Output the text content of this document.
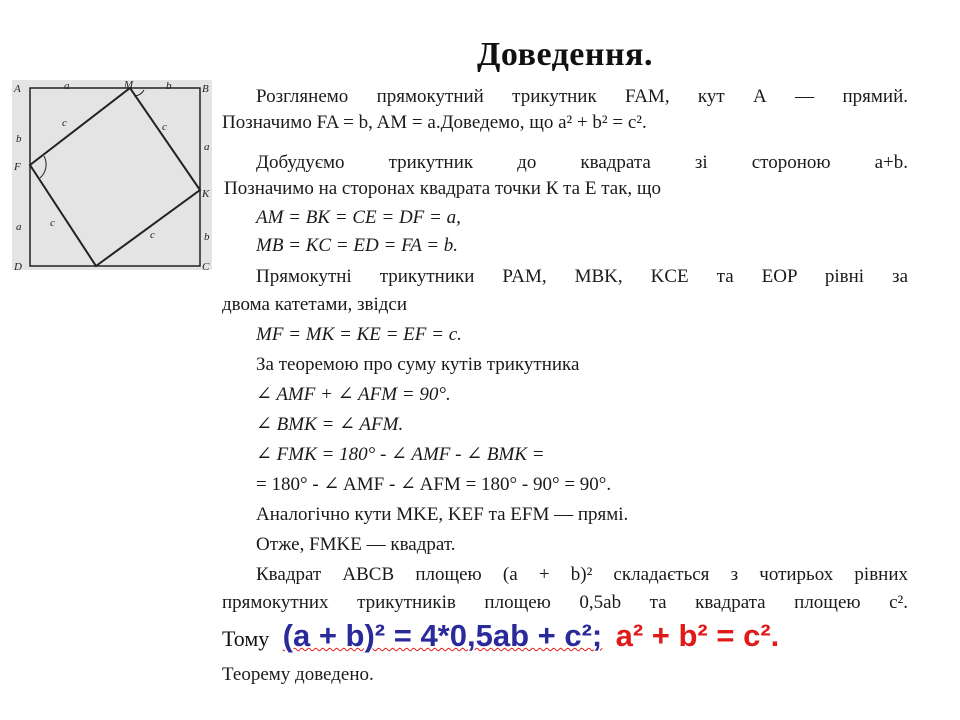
Доведення.
A	M	B
F
K
D	C
a	b
b
a
a
b
c	c
c
c
Розглянемо прямокутний трикутник FAM, кут А — прямий.
Позначимо FA = b, AM = a.Доведемо, що a² + b² = c².
Добудуємо трикутник до квадрата зі стороною a+b.
Позначимо на сторонах квадрата точки К та Е так, що
AM = BK = CE = DF = a,
MB = KC = ED = FA = b.
Прямокутні трикутники PAM, MBK, KCE та EOP рівні за
двома катетами, звідси
MF = MK = KE = EF = c.
За теоремою про суму кутів трикутника
∠ AMF + ∠ AFM = 90°.
∠ BMK = ∠ AFM.
∠ FMK = 180° - ∠ AMF - ∠ BMK =
= 180° - ∠ AMF - ∠ AFM = 180° - 90° = 90°.
Аналогічно кути MKE, KEF та EFM — прямі.
Отже, FMKE — квадрат.
Квадрат ABCB площею (a + b)² складається з чотирьох рівних
прямокутних трикутників площею 0,5ab та квадрата площею c².
Тому (a + b)² = 4*0,5ab + c²; a² + b² = c².
Теорему доведено.
